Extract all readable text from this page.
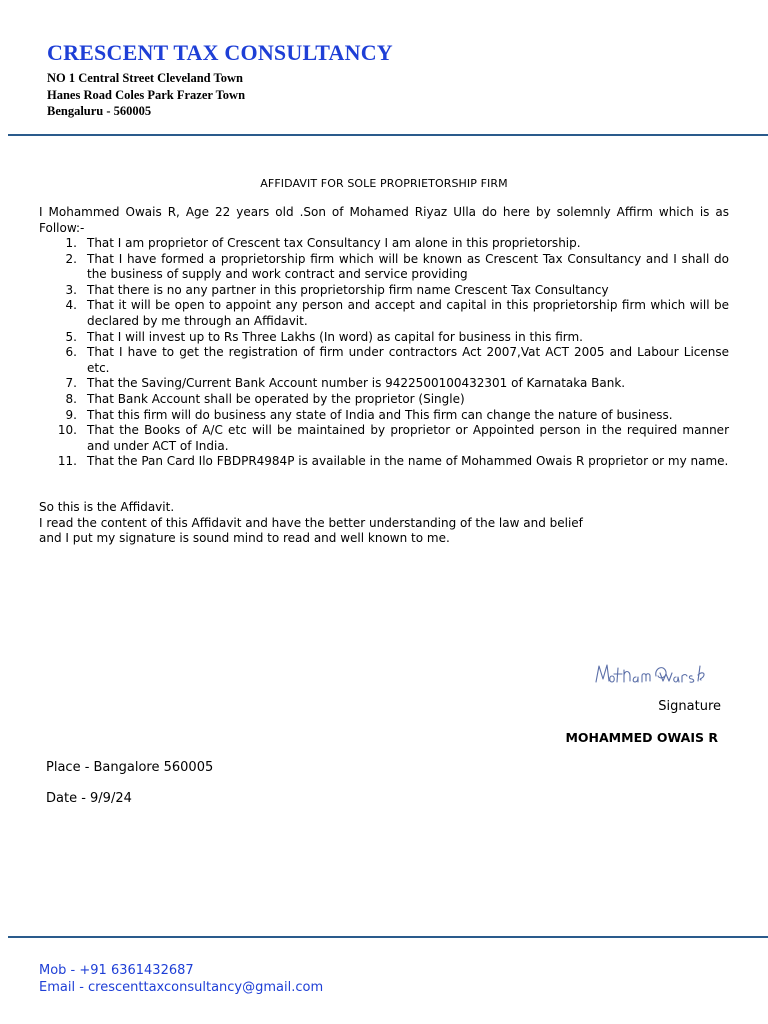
CRESCENT TAX CONSULTANCY
NO 1 Central Street Cleveland Town
Hanes Road Coles Park Frazer Town
Bengaluru - 560005
AFFIDAVIT FOR SOLE PROPRIETORSHIP FIRM
I Mohammed Owais R, Age 22 years old .Son of Mohamed Riyaz Ulla do here by solemnly Affirm which is as Follow:-
1. That I am proprietor of Crescent tax Consultancy I am alone in this proprietorship.
2. That I have formed a proprietorship firm which will be known as Crescent Tax Consultancy and I shall do the business of supply and work contract and service providing
3. That there is no any partner in this proprietorship firm name Crescent Tax Consultancy
4. That it will be open to appoint any person and accept and capital in this proprietorship firm which will be declared by me through an Affidavit.
5. That I will invest up to Rs Three Lakhs (In word) as capital for business in this firm.
6. That I have to get the registration of firm under contractors Act 2007,Vat ACT 2005 and Labour License etc.
7. That the Saving/Current Bank Account number is 9422500100432301 of Karnataka Bank.
8. That Bank Account shall be operated by the proprietor (Single)
9. That this firm will do business any state of India and This firm can change the nature of business.
10. That the Books of A/C etc will be maintained by proprietor or Appointed person in the required manner and under ACT of India.
11. That the Pan Card Ilo FBDPR4984P is available in the name of Mohammed Owais R proprietor or my name.
So this is the Affidavit.
I read the content of this Affidavit and have the better understanding of the law and belief
and I put my signature is sound mind to read and well known to me.
Signature
MOHAMMED OWAIS R
Place - Bangalore 560005
Date - 9/9/24
Mob - +91 6361432687
Email - crescenttaxconsultancy@gmail.com
